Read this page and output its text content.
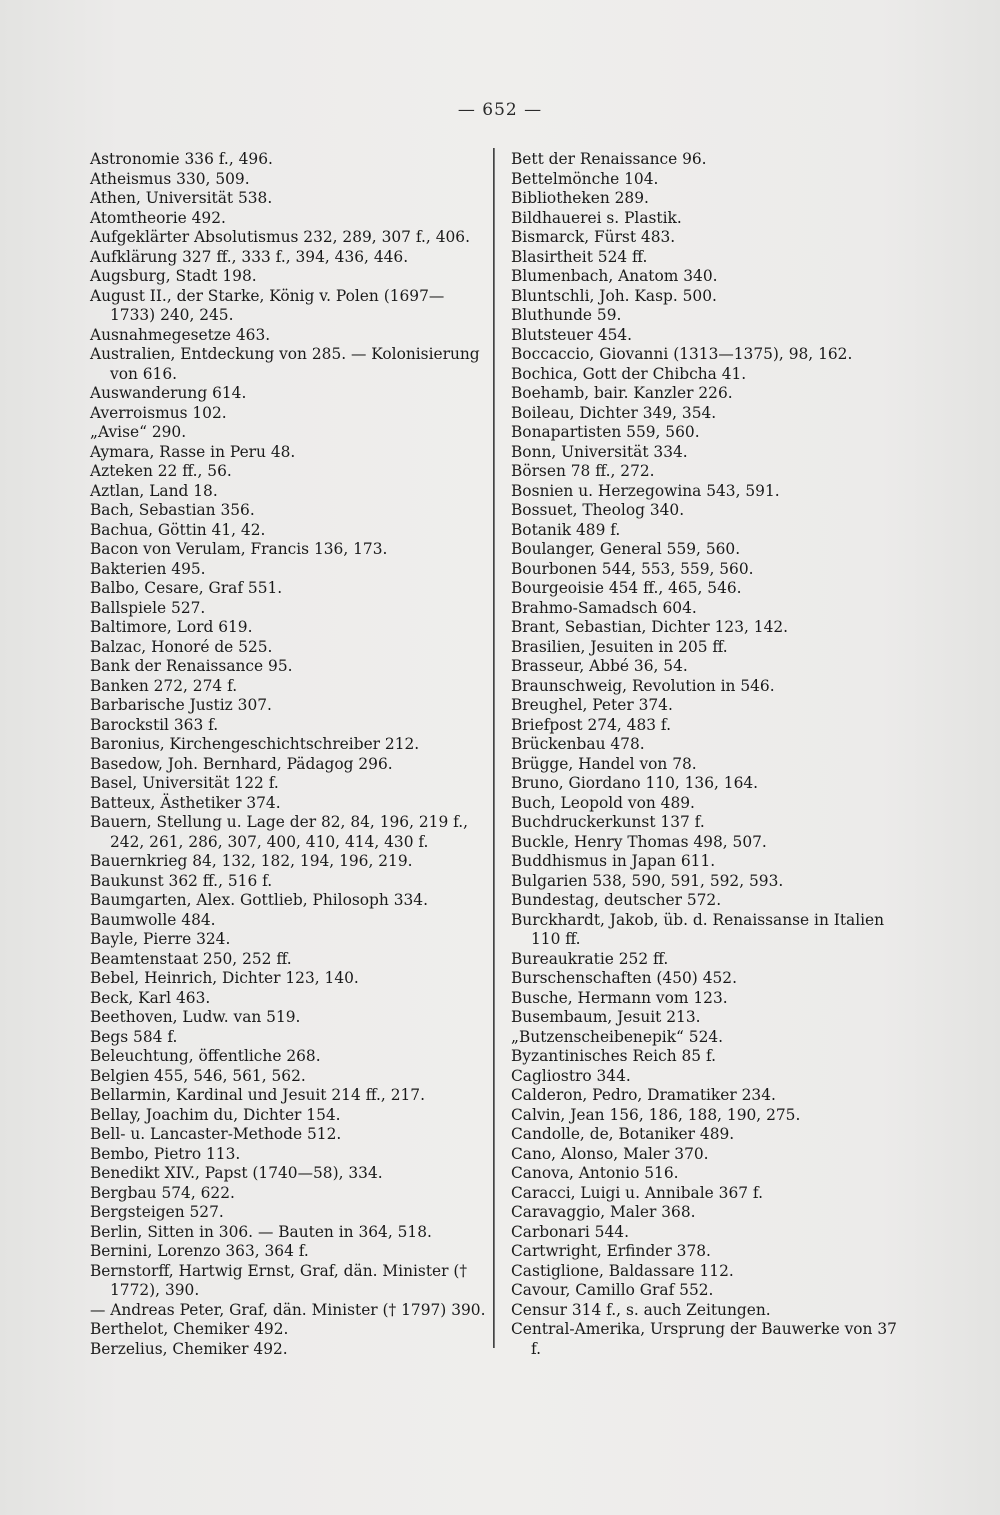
— 652 —
Astronomie 336 f., 496.
Atheismus 330, 509.
Athen, Universität 538.
Atomtheorie 492.
Aufgeklärter Absolutismus 232, 289, 307 f., 406.
Aufklärung 327 ff., 333 f., 394, 436, 446.
Augsburg, Stadt 198.
August II., der Starke, König v. Polen (1697—1733) 240, 245.
Ausnahmegesetze 463.
Australien, Entdeckung von 285. — Kolonisierung von 616.
Auswanderung 614.
Averroismus 102.
„Avise“ 290.
Aymara, Rasse in Peru 48.
Azteken 22 ff., 56.
Aztlan, Land 18.
Bach, Sebastian 356.
Bachua, Göttin 41, 42.
Bacon von Verulam, Francis 136, 173.
Bakterien 495.
Balbo, Cesare, Graf 551.
Ballspiele 527.
Baltimore, Lord 619.
Balzac, Honoré de 525.
Bank der Renaissance 95.
Banken 272, 274 f.
Barbarische Justiz 307.
Barockstil 363 f.
Baronius, Kirchengeschichtschreiber 212.
Basedow, Joh. Bernhard, Pädagog 296.
Basel, Universität 122 f.
Batteux, Ästhetiker 374.
Bauern, Stellung u. Lage der 82, 84, 196, 219 f., 242, 261, 286, 307, 400, 410, 414, 430 f.
Bauernkrieg 84, 132, 182, 194, 196, 219.
Baukunst 362 ff., 516 f.
Baumgarten, Alex. Gottlieb, Philosoph 334.
Baumwolle 484.
Bayle, Pierre 324.
Beamtenstaat 250, 252 ff.
Bebel, Heinrich, Dichter 123, 140.
Beck, Karl 463.
Beethoven, Ludw. van 519.
Begs 584 f.
Beleuchtung, öffentliche 268.
Belgien 455, 546, 561, 562.
Bellarmin, Kardinal und Jesuit 214 ff., 217.
Bellay, Joachim du, Dichter 154.
Bell- u. Lancaster-Methode 512.
Bembo, Pietro 113.
Benedikt XIV., Papst (1740—58), 334.
Bergbau 574, 622.
Bergsteigen 527.
Berlin, Sitten in 306. — Bauten in 364, 518.
Bernini, Lorenzo 363, 364 f.
Bernstorff, Hartwig Ernst, Graf, dän. Minister († 1772), 390.
— Andreas Peter, Graf, dän. Minister († 1797) 390.
Berthelot, Chemiker 492.
Berzelius, Chemiker 492.
Bett der Renaissance 96.
Bettelmönche 104.
Bibliotheken 289.
Bildhauerei s. Plastik.
Bismarck, Fürst 483.
Blasirtheit 524 ff.
Blumenbach, Anatom 340.
Bluntschli, Joh. Kasp. 500.
Bluthunde 59.
Blutsteuer 454.
Boccaccio, Giovanni (1313—1375), 98, 162.
Bochica, Gott der Chibcha 41.
Boehamb, bair. Kanzler 226.
Boileau, Dichter 349, 354.
Bonapartisten 559, 560.
Bonn, Universität 334.
Börsen 78 ff., 272.
Bosnien u. Herzegowina 543, 591.
Bossuet, Theolog 340.
Botanik 489 f.
Boulanger, General 559, 560.
Bourbonen 544, 553, 559, 560.
Bourgeoisie 454 ff., 465, 546.
Brahmo-Samadsch 604.
Brant, Sebastian, Dichter 123, 142.
Brasilien, Jesuiten in 205 ff.
Brasseur, Abbé 36, 54.
Braunschweig, Revolution in 546.
Breughel, Peter 374.
Briefpost 274, 483 f.
Brückenbau 478.
Brügge, Handel von 78.
Bruno, Giordano 110, 136, 164.
Buch, Leopold von 489.
Buchdruckerkunst 137 f.
Buckle, Henry Thomas 498, 507.
Buddhismus in Japan 611.
Bulgarien 538, 590, 591, 592, 593.
Bundestag, deutscher 572.
Burckhardt, Jakob, üb. d. Renaissanse in Italien 110 ff.
Bureaukratie 252 ff.
Burschenschaften (450) 452.
Busche, Hermann vom 123.
Busembaum, Jesuit 213.
„Butzenscheibenepik“ 524.
Byzantinisches Reich 85 f.
Cagliostro 344.
Calderon, Pedro, Dramatiker 234.
Calvin, Jean 156, 186, 188, 190, 275.
Candolle, de, Botaniker 489.
Cano, Alonso, Maler 370.
Canova, Antonio 516.
Caracci, Luigi u. Annibale 367 f.
Caravaggio, Maler 368.
Carbonari 544.
Cartwright, Erfinder 378.
Castiglione, Baldassare 112.
Cavour, Camillo Graf 552.
Censur 314 f., s. auch Zeitungen.
Central-Amerika, Ursprung der Bauwerke von 37 f.
